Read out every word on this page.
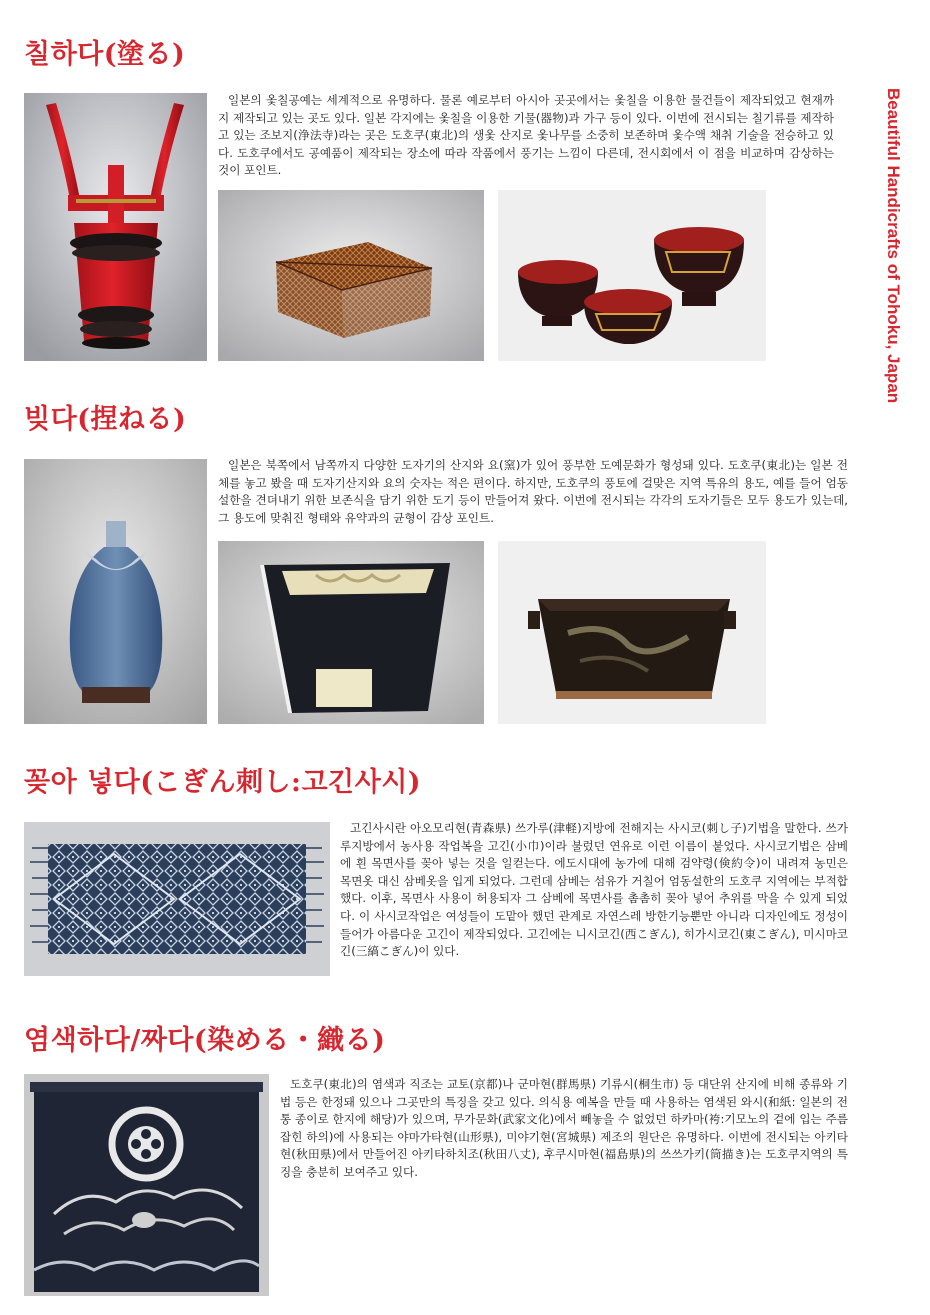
Beautiful Handicrafts of Tohoku, Japan
칠하다(塗る)

일본의 옻칠공예는 세계적으로 유명하다. 물론 예로부터 아시아 곳곳에서는 옻칠을 이용한 물건들이 제작되었고 현재까지 제작되고 있는 곳도 있다. 일본 각지에는 옻칠을 이용한 기물(器物)과 가구 등이 있다. 이번에 전시되는 칠기류를 제작하고 있는 조보지(浄法寺)라는 곳은 도호쿠(東北)의 생옻 산지로 옻나무를 소중히 보존하며 옻수액 채취 기술을 전승하고 있다. 도호쿠에서도 공예품이 제작되는 장소에 따라 작품에서 풍기는 느낌이 다른데, 전시회에서 이 점을 비교하며 감상하는 것이 포인트.

빚다(捏ねる)

일본은 북쪽에서 남쪽까지 다양한 도자기의 산지와 요(窯)가 있어 풍부한 도예문화가 형성돼 있다. 도호쿠(東北)는 일본 전체를 놓고 봤을 때 도자기산지와 요의 숫자는 적은 편이다. 하지만, 도호쿠의 풍토에 걸맞은 지역 특유의 용도, 예를 들어 엄동설한을 견뎌내기 위한 보존식을 담기 위한 도기 등이 만들어져 왔다. 이번에 전시되는 각각의 도자기들은 모두 용도가 있는데, 그 용도에 맞춰진 형태와 유약과의 균형이 감상 포인트.

꽂아 넣다(こぎん刺し:고긴사시)

고긴사시란 아오모리현(青森県) 쓰가루(津軽)지방에 전해지는 사시코(刺し子)기법을 말한다. 쓰가루지방에서 농사용 작업복을 고긴(小巾)이라 불렀던 연유로 이런 이름이 붙었다. 사시코기법은 삼베에 흰 목면사를 꽂아 넣는 것을 일컫는다. 에도시대에 농가에 대해 검약령(倹約令)이 내려져 농민은 목면옷 대신 삼베옷을 입게 되었다. 그런데 삼베는 섬유가 거칠어 엄동설한의 도호쿠 지역에는 부적합했다. 이후, 목면사 사용이 허용되자 그 삼베에 목면사를 촘촘히 꽂아 넣어 추위를 막을 수 있게 되었다. 이 사시코작업은 여성들이 도맡아 했던 관계로 자연스레 방한기능뿐만 아니라 디자인에도 정성이 들어가 아름다운 고긴이 제작되었다. 고긴에는 니시코긴(西こぎん), 히가시코긴(東こぎん), 미시마코긴(三縞こぎん)이 있다.

염색하다/짜다(染める・織る)

도호쿠(東北)의 염색과 직조는 교토(京都)나 군마현(群馬県) 기류시(桐生市) 등 대단위 산지에 비해 종류와 기법 등은 한정돼 있으나 그곳만의 특징을 갖고 있다. 의식용 예복을 만들 때 사용하는 염색된 와시(和紙: 일본의 전통 종이로 한지에 해당)가 있으며, 무가문화(武家文化)에서 빼놓을 수 없었던 하카마(袴:기모노의 겉에 입는 주름 잡힌 하의)에 사용되는 야마가타현(山形県), 미야기현(宮城県) 제조의 원단은 유명하다. 이번에 전시되는 아키타현(秋田県)에서 만들어진 아키타하치조(秋田八丈), 후쿠시마현(福島県)의 쓰쓰가키(筒描き)는 도호쿠지역의 특징을 충분히 보여주고 있다.
